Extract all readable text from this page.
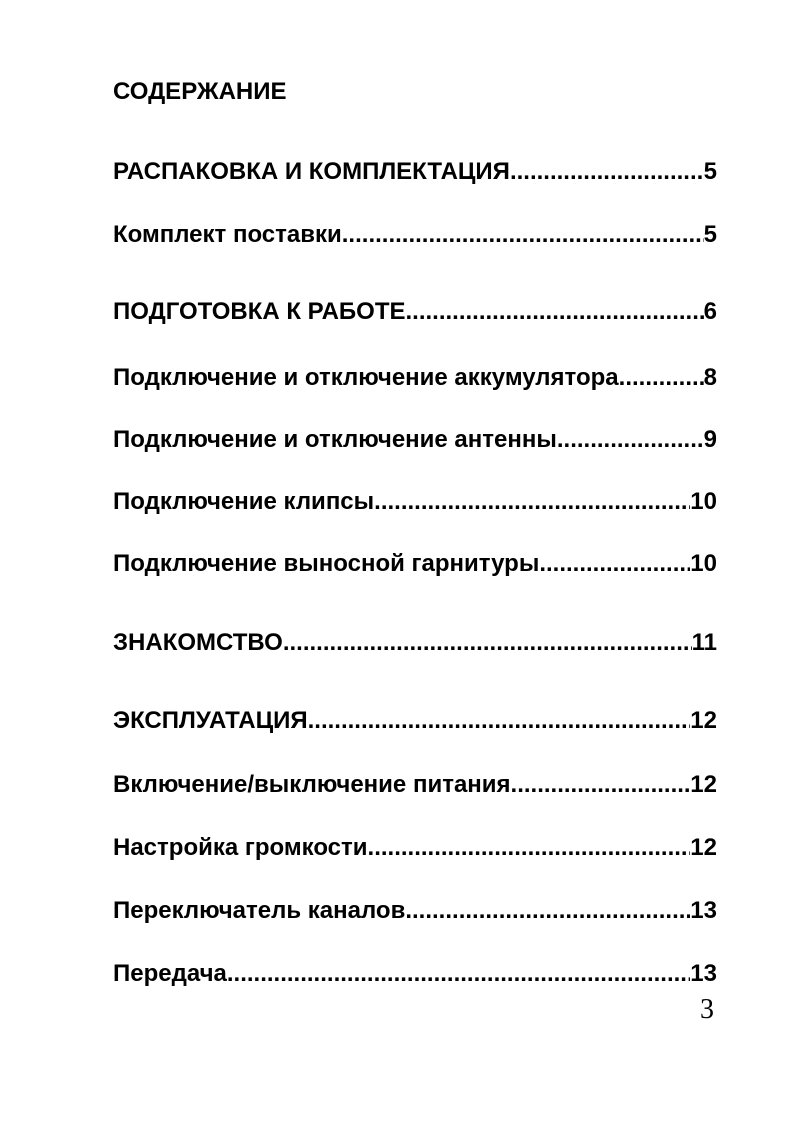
СОДЕРЖАНИЕ
РАСПАКОВКА И КОМПЛЕКТАЦИЯ .....	5
Комплект поставки .....	5
ПОДГОТОВКА К РАБОТЕ .....	6
Подключение и отключение аккумулятора .....	8
Подключение и отключение антенны .....	9
Подключение клипсы .....	10
Подключение выносной гарнитуры .....	10
ЗНАКОМСТВО .....	11
ЭКСПЛУАТАЦИЯ .....	12
Включение/выключение питания .....	12
Настройка громкости .....	12
Переключатель каналов .....	13
Передача .....	13
3
